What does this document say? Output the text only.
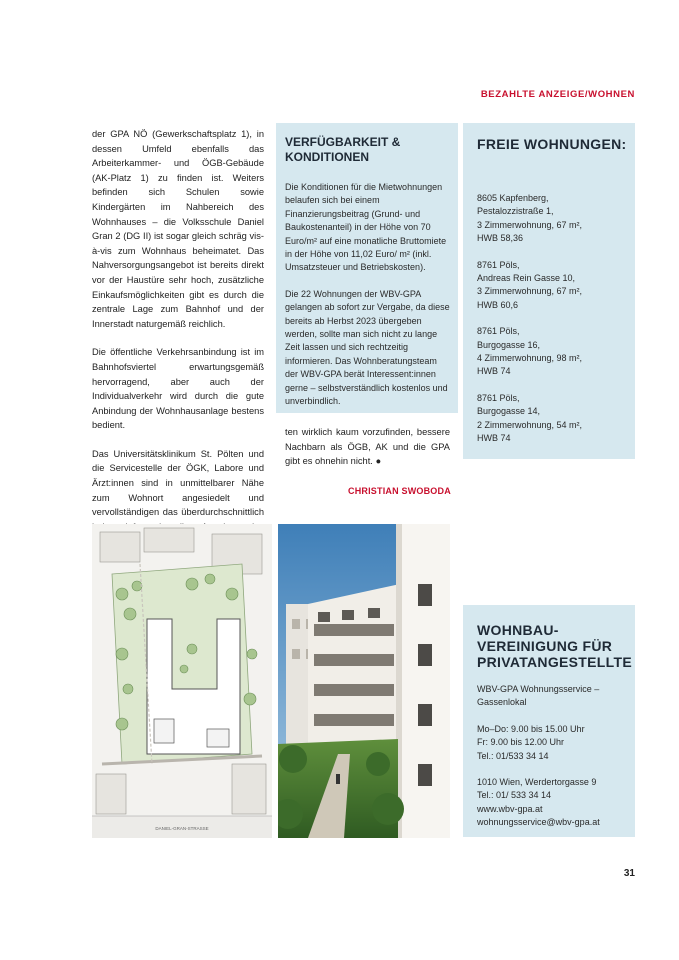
BEZAHLTE ANZEIGE/WOHNEN

der GPA NÖ (Gewerkschaftsplatz 1), in dessen Umfeld ebenfalls das Arbeiterkammer- und ÖGB-Gebäude (AK-Platz 1) zu finden ist. Weiters befinden sich Schulen sowie Kindergärten im Nahbereich des Wohnhauses – die Volksschule Daniel Gran 2 (DG II) ist sogar gleich schräg vis-à-vis zum Wohnhaus beheimatet. Das Nahversorgungsangebot ist bereits direkt vor der Haustüre sehr hoch, zusätzliche Einkaufsmöglichkeiten gibt es durch die zentrale Lage zum Bahnhof und der Innerstadt naturgemäß reichlich.

Die öffentliche Verkehrsanbindung ist im Bahnhofsviertel erwartungsgemäß hervorragend, aber auch der Individualverkehr wird durch die gute Anbindung der Wohnhausanlage bestens bedient.

Das Universitätsklinikum St. Pölten und die Servicestelle der ÖGK, Labore und Ärzt:innen sind in unmittelbarer Nähe zum Wohnort angesiedelt und vervollständigen das überdurchschnittlich

VERFÜGBARKEIT & KONDITIONEN

Die Konditionen für die Mietwohnungen belaufen sich bei einem Finanzierungsbeitrag (Grund- und Baukostenanteil) in der Höhe von 70 Euro/m² auf eine monatliche Bruttomiete in der Höhe von 11,02 Euro/ m² (inkl. Umsatzsteuer und Betriebskosten).

Die 22 Wohnungen der WBV-GPA gelangen ab sofort zur Vergabe, da diese bereits ab Herbst 2023 übergeben werden, sollte man sich nicht zu lange Zeit lassen und sich rechtzeitig informieren. Das Wohnberatungsteam der WBV-GPA berät Interessent:innen gerne – selbstverständlich kostenlos und unverbindlich.

ten wirklich kaum vorzufinden, bessere Nachbarn als ÖGB, AK und die GPA gibt es ohnehin nicht. ●

CHRISTIAN SWOBODA
FREIE WOHNUNGEN:

8605 Kapfenberg,
Pestalozzistraße 1,
3 Zimmerwohnung, 67 m²,
HWB 58,36

8761 Pöls,
Andreas Rein Gasse 10,
3 Zimmerwohnung, 67 m²,
HWB 60,6

8761 Pöls,
Burgogasse 16,
4 Zimmerwohnung, 98 m²,
HWB 74

8761 Pöls,
Burgogasse 14,
2 Zimmerwohnung, 54 m²,
HWB 74

DANIEL-GRAN-STRASSE
WOHNBAU-VEREINIGUNG FÜR PRIVATANGESTELLTE

WBV-GPA Wohnungsservice –
Gassenlokal

Mo–Do: 9.00 bis 15.00 Uhr
Fr: 9.00 bis 12.00 Uhr
Tel.: 01/533 34 14

1010 Wien, Werdertorgasse 9
Tel.: 01/ 533 34 14
www.wbv-gpa.at
wohnungsservice@wbv-gpa.at

31
